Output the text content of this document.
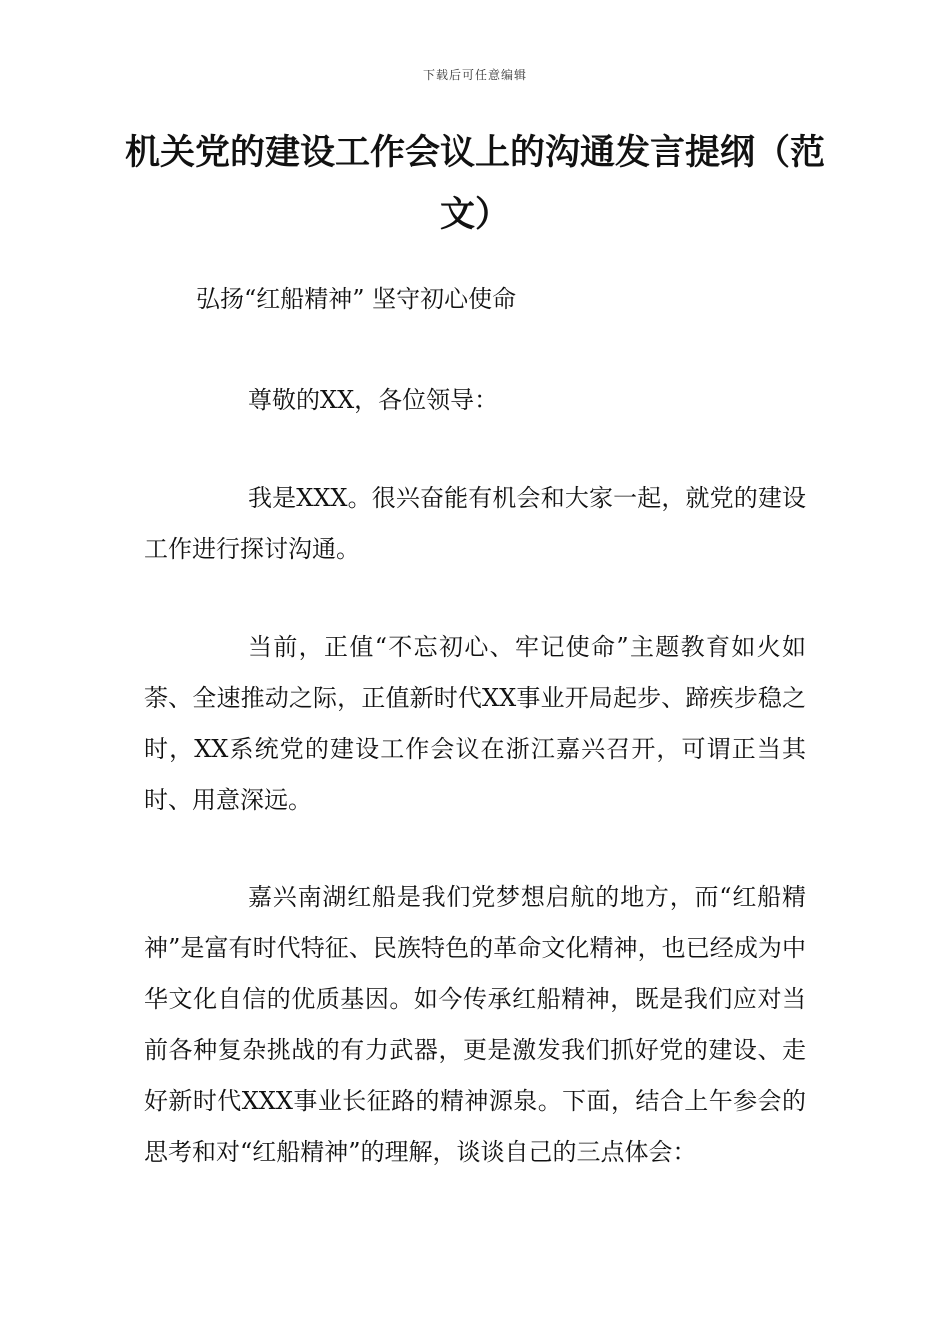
下载后可任意编辑
机关党的建设工作会议上的沟通发言提纲（范文）
弘扬“红船精神” 坚守初心使命

尊敬的XX，各位领导：

我是XXX。很兴奋能有机会和大家一起，就党的建设工作进行探讨沟通。

当前，正值“不忘初心、牢记使命”主题教育如火如荼、全速推动之际，正值新时代XX事业开局起步、蹄疾步稳之时，XX系统党的建设工作会议在浙江嘉兴召开，可谓正当其时、用意深远。

嘉兴南湖红船是我们党梦想启航的地方，而“红船精神”是富有时代特征、民族特色的革命文化精神，也已经成为中华文化自信的优质基因。如今传承红船精神，既是我们应对当前各种复杂挑战的有力武器，更是激发我们抓好党的建设、走好新时代XXX事业长征路的精神源泉。下面，结合上午参会的思考和对“红船精神”的理解，谈谈自己的三点体会：
